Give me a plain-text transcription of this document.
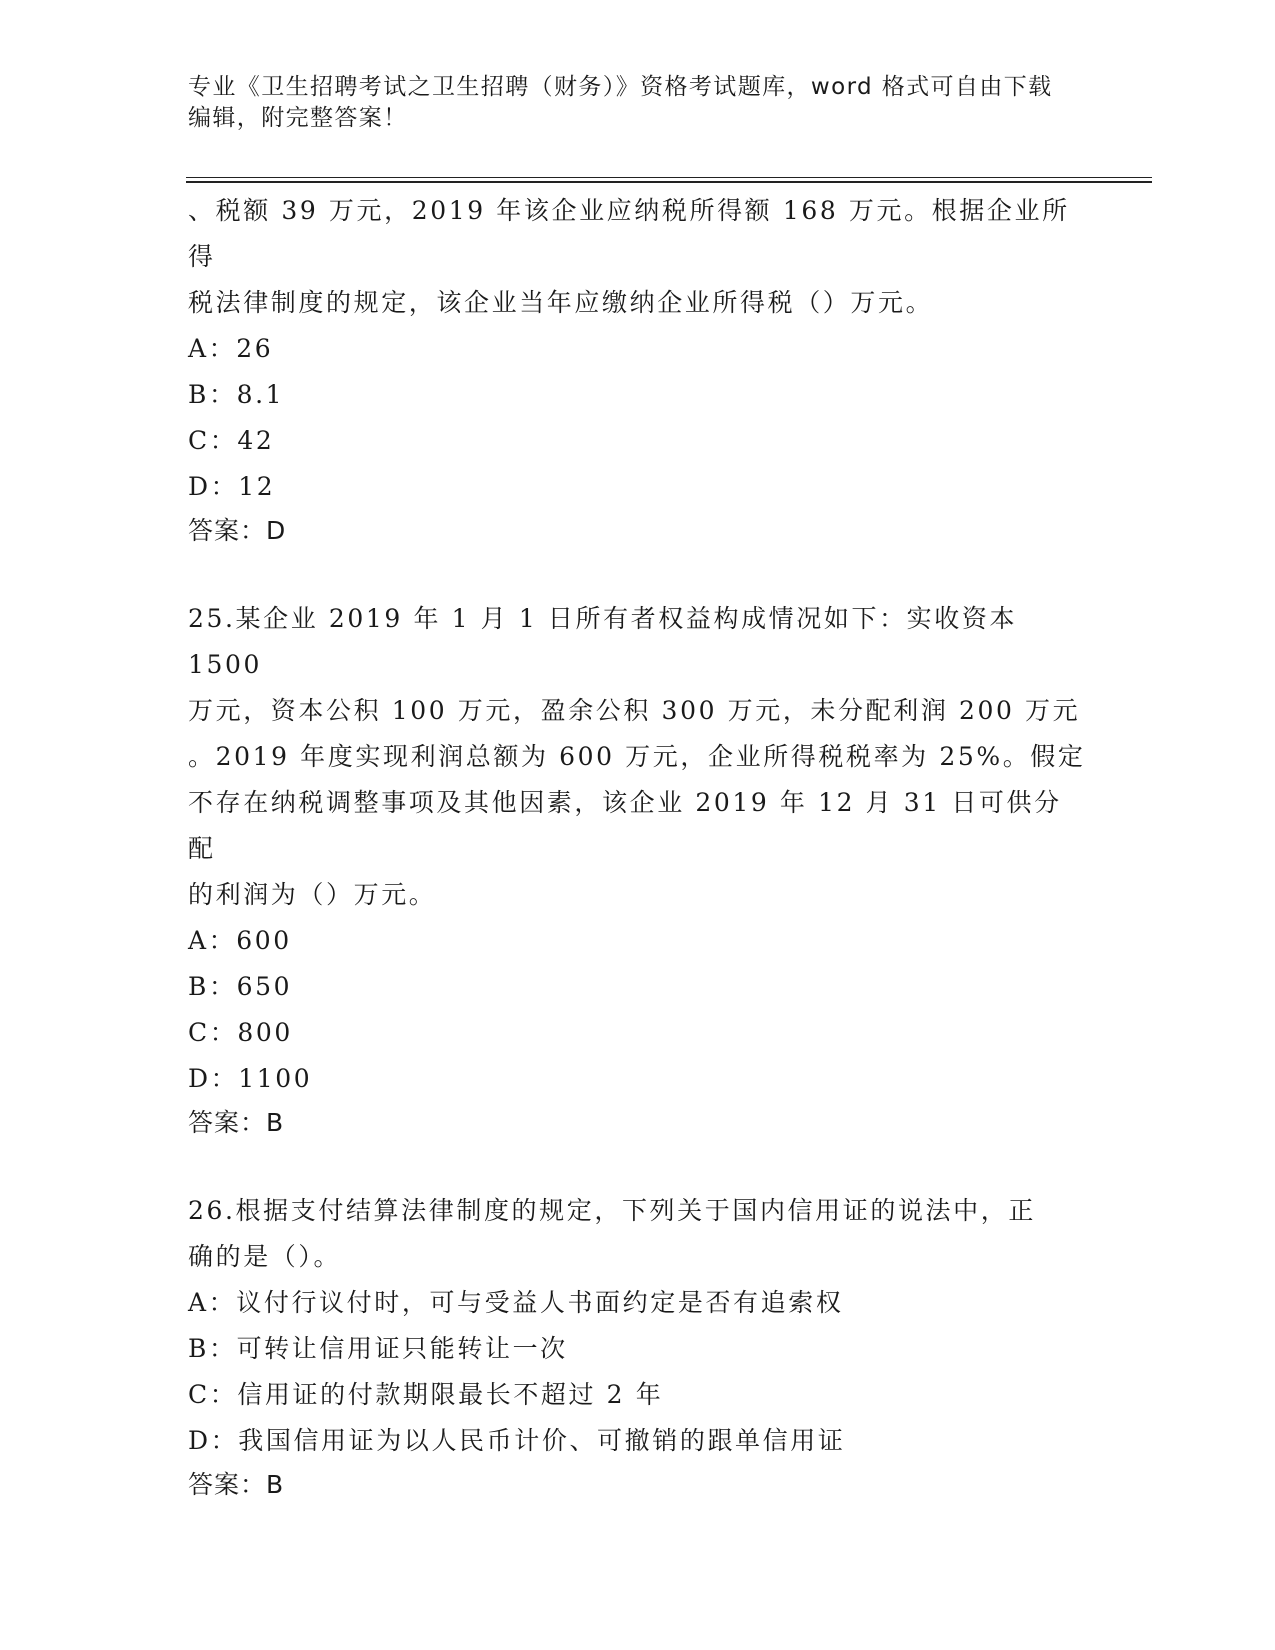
专业《卫生招聘考试之卫生招聘（财务）》资格考试题库，word 格式可自由下载
编辑，附完整答案！

、税额 39 万元，2019 年该企业应纳税所得额 168 万元。根据企业所得

税法律制度的规定，该企业当年应缴纳企业所得税（）万元。

A：26

B：8.1

C：42

D：12

答案：D

25.某企业 2019 年 1 月 1 日所有者权益构成情况如下：实收资本 1500

万元，资本公积 100 万元，盈余公积 300 万元，未分配利润 200 万元

。2019 年度实现利润总额为 600 万元，企业所得税税率为 25%。假定

不存在纳税调整事项及其他因素，该企业 2019 年 12 月 31 日可供分配

的利润为（）万元。

A：600

B：650

C：800

D：1100

答案：B

26.根据支付结算法律制度的规定，下列关于国内信用证的说法中，正

确的是（）。

A：议付行议付时，可与受益人书面约定是否有追索权

B：可转让信用证只能转让一次

C：信用证的付款期限最长不超过 2 年

D：我国信用证为以人民币计价、可撤销的跟单信用证

答案：B
